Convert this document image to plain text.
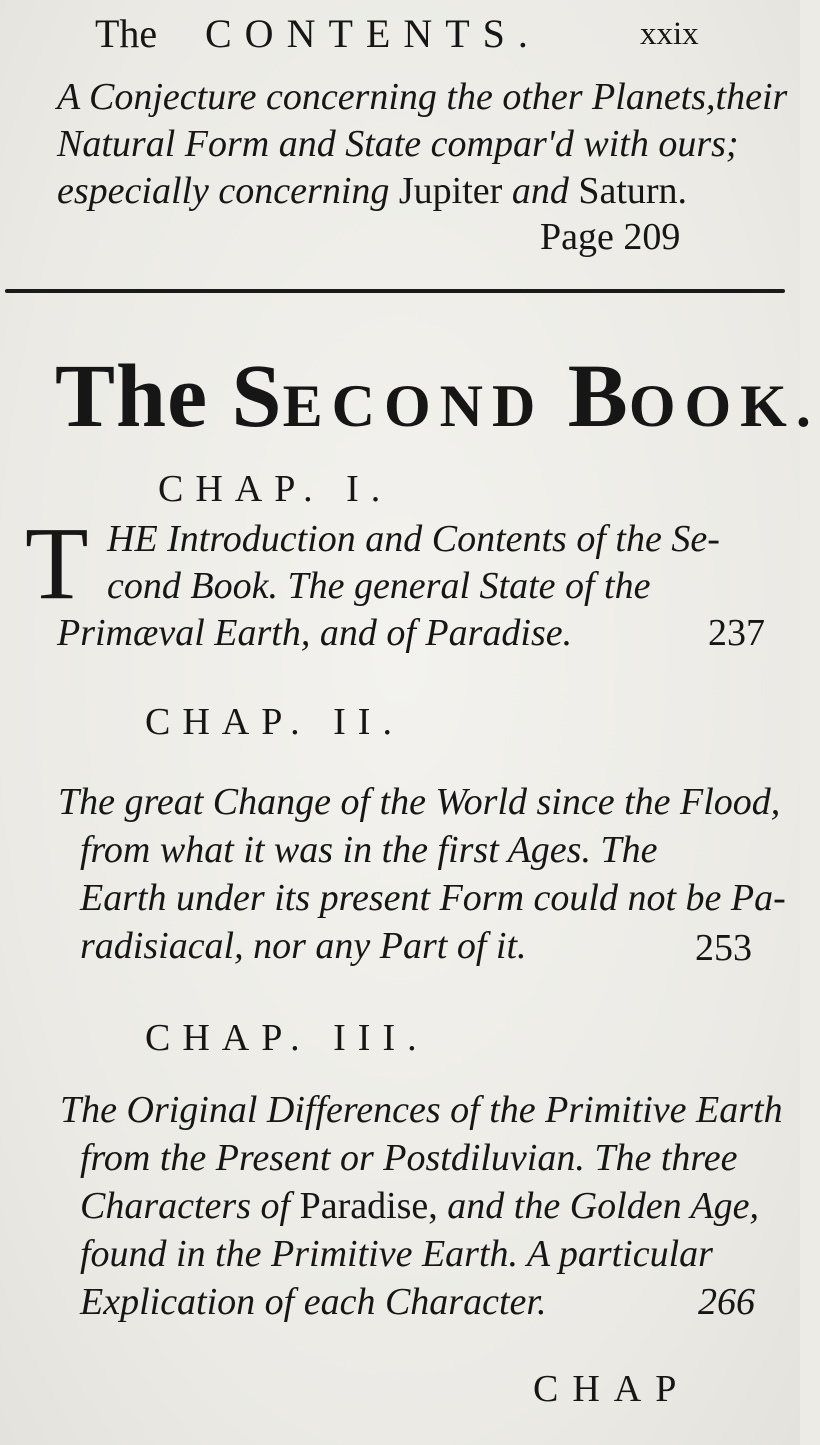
The CONTENTS.	xxix
A Conjecture concerning the other Planets,their
Natural Form and State compar'd with ours;
especially concerning Jupiter and Saturn.
Page 209
The SECOND BOOK.
CHAP. I.
T HE Introduction and Contents of the Se-
cond Book. The general State of the
Primæval Earth, and of Paradise.	237
CHAP. II.
The great Change of the World since the Flood,
from what it was in the first Ages. The
Earth under its present Form could not be Pa-
radisiacal, nor any Part of it.	253
CHAP. III.
The Original Differences of the Primitive Earth
from the Present or Postdiluvian. The three
Characters of Paradise, and the Golden Age,
found in the Primitive Earth. A particular
Explication of each Character.	266
CHAP
